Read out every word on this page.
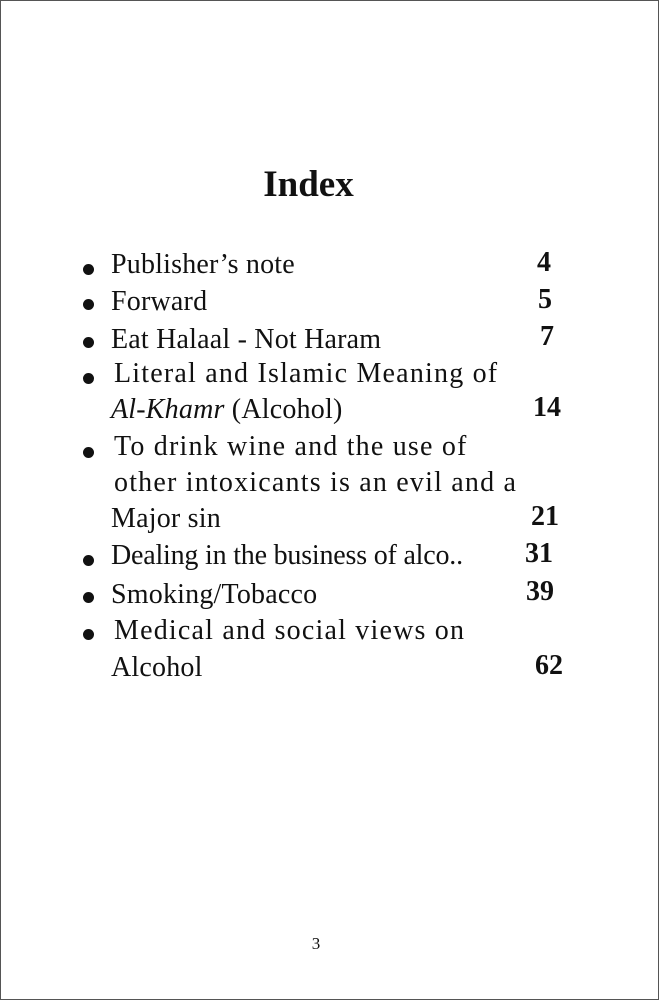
Index
Publisher’s note	4
Forward	5
Eat Halaal - Not Haram	7
Literal and Islamic Meaning of
Al-Khamr (Alcohol)	14
To drink wine and the use of
other intoxicants is an evil and a
Major sin	21
Dealing in the business of alco.. 31
Smoking/Tobacco	39
Medical and social views on
Alcohol	62
3
